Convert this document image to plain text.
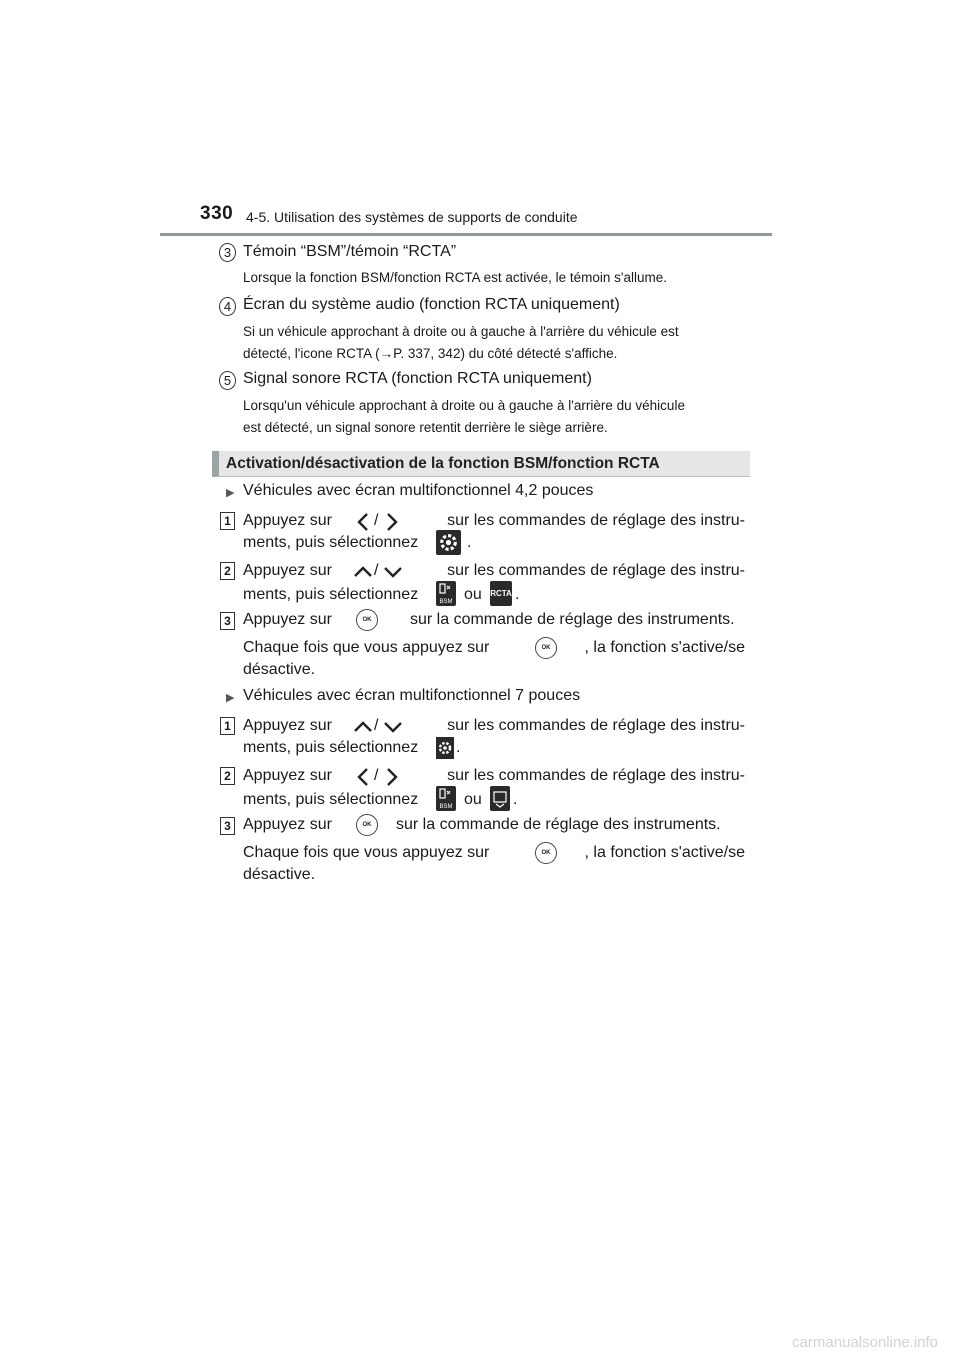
330 4-5. Utilisation des systèmes de supports de conduite
3 Témoin “BSM”/témoin “RCTA”
Lorsque la fonction BSM/fonction RCTA est activée, le témoin s'allume.
4 Écran du système audio (fonction RCTA uniquement)
Si un véhicule approchant à droite ou à gauche à l'arrière du véhicule est
détecté, l'icone RCTA (→P. 337, 342) du côté détecté s'affiche.
5 Signal sonore RCTA (fonction RCTA uniquement)
Lorsqu'un véhicule approchant à droite ou à gauche à l'arrière du véhicule
est détecté, un signal sonore retentit derrière le siège arrière.
Activation/désactivation de la fonction BSM/fonction RCTA
▶ Véhicules avec écran multifonctionnel 4,2 pouces
1 Appuyez sur	/	sur les commandes de réglage des instru-
ments, puis sélectionnez	.
2 Appuyez sur	/	sur les commandes de réglage des instru-
ments, puis sélectionnez	BSM ou RCTA .
3 Appuyez sur	OK	sur la commande de réglage des instruments.
Chaque fois que vous appuyez sur	OK	, la fonction s'active/se
désactive.
▶ Véhicules avec écran multifonctionnel 7 pouces
1 Appuyez sur	/	sur les commandes de réglage des instru-
ments, puis sélectionnez .
2 Appuyez sur	/	sur les commandes de réglage des instru-
ments, puis sélectionnez	BSM ou .
3 Appuyez sur	OK	sur la commande de réglage des instruments.
Chaque fois que vous appuyez sur	OK	, la fonction s'active/se
désactive.
carmanualsonline.info
